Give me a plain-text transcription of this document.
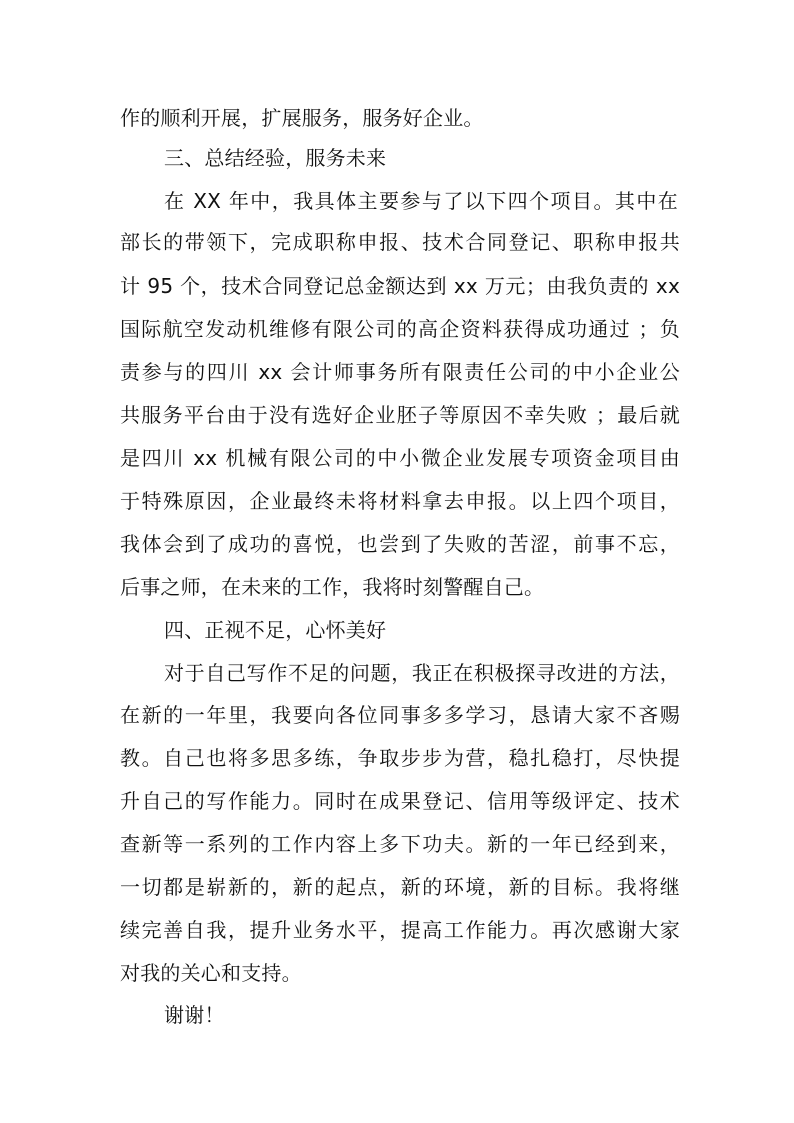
作的顺利开展，扩展服务，服务好企业。
三、总结经验，服务未来
在 XX 年中，我具体主要参与了以下四个项目。其中在
部长的带领下，完成职称申报、技术合同登记、职称申报共
计 95 个，技术合同登记总金额达到 xx 万元；由我负责的 xx
国际航空发动机维修有限公司的高企资料获得成功通过 ；负
责参与的四川 xx 会计师事务所有限责任公司的中小企业公
共服务平台由于没有选好企业胚子等原因不幸失败 ；最后就
是四川 xx 机械有限公司的中小微企业发展专项资金项目由
于特殊原因，企业最终未将材料拿去申报。以上四个项目，
我体会到了成功的喜悦，也尝到了失败的苦涩，前事不忘，
后事之师，在未来的工作，我将时刻警醒自己。
四、正视不足，心怀美好
对于自己写作不足的问题，我正在积极探寻改进的方法，
在新的一年里，我要向各位同事多多学习，恳请大家不吝赐
教。自己也将多思多练，争取步步为营，稳扎稳打，尽快提
升自己的写作能力。同时在成果登记、信用等级评定、技术
查新等一系列的工作内容上多下功夫。新的一年已经到来，
一切都是崭新的，新的起点，新的环境，新的目标。我将继
续完善自我，提升业务水平，提高工作能力。再次感谢大家
对我的关心和支持。
谢谢！
